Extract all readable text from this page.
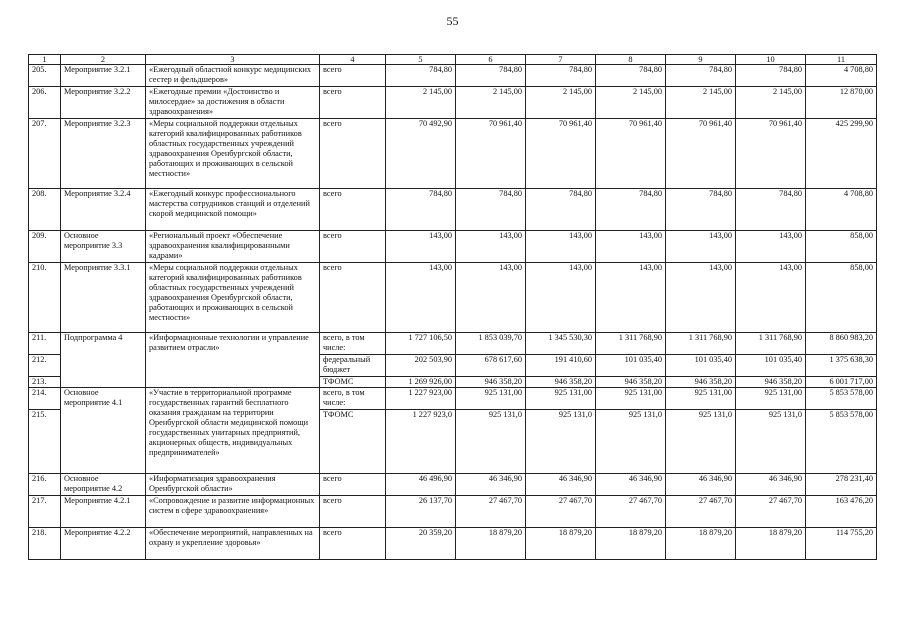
55
1	2	3	4	5	6	7	8	9	10	11
205.	Мероприятие 3.2.1	«Ежегодный областной конкурс медицинских сестер и фельдшеров»	всего	784,80	784,80	784,80	784,80	784,80	784,80	4 708,80
206.	Мероприятие 3.2.2	«Ежегодные премии «Достоинство и милосердие» за достижения в области здравоохранения»	всего	2 145,00	2 145,00	2 145,00	2 145,00	2 145,00	2 145,00	12 870,00
207.	Мероприятие 3.2.3	«Меры социальной поддержки отдельных категорий квалифицированных работников областных государственных учреждений здравоохранения Оренбургской области, работающих и проживающих в сельской местности»	всего	70 492,90	70 961,40	70 961,40	70 961,40	70 961,40	70 961,40	425 299,90
208.	Мероприятие 3.2.4	«Ежегодный конкурс профессионального мастерства сотрудников станций и отделений скорой медицинской помощи»	всего	784,80	784,80	784,80	784,80	784,80	784,80	4 708,80
209.	Основное мероприятие 3.3	«Региональный проект «Обеспечение здравоохранения квалифицированными кадрами»	всего	143,00	143,00	143,00	143,00	143,00	143,00	858,00
210.	Мероприятие 3.3.1	«Меры социальной поддержки отдельных категорий квалифицированных работников областных государственных учреждений здравоохранения Оренбургской области, работающих и проживающих в сельской местности»	всего	143,00	143,00	143,00	143,00	143,00	143,00	858,00
211.	Подпрограмма 4	«Информационные технологии и управление развитием отрасли»	всего, в том числе:	1 727 106,50	1 853 039,70	1 345 530,30	1 311 768,90	1 311 768,90	1 311 768,90	8 860 983,20
212.			федеральный бюджет	202 503,90	678 617,60	191 410,60	101 035,40	101 035,40	101 035,40	1 375 638,30
213.			ТФОМС	1 269 926,00	946 358,20	946 358,20	946 358,20	946 358,20	946 358,20	6 001 717,00
214.	Основное мероприятие 4.1	«Участие в территориальной программе государственных гарантий бесплатного оказания гражданам на территории Оренбургской области медицинской помощи государственных унитарных предприятий, акционерных обществ, индивидуальных предпринимателей»	всего, в том числе:	1 227 923,00	925 131,00	925 131,00	925 131,00	925 131,00	925 131,00	5 853 578,00
215.			ТФОМС	1 227 923,0	925 131,0	925 131,0	925 131,0	925 131,0	925 131,0	5 853 578,00
216.	Основное мероприятие 4.2	«Информатизация здравоохранения Оренбургской области»	всего	46 496,90	46 346,90	46 346,90	46 346,90	46 346,90	46 346,90	278 231,40
217.	Мероприятие 4.2.1	«Сопровождение и развитие информационных систем в сфере здравоохранения»	всего	26 137,70	27 467,70	27 467,70	27 467,70	27 467,70	27 467,70	163 476,20
218.	Мероприятие 4.2.2	«Обеспечение мероприятий, направленных на охрану и укрепление здоровья»	всего	20 359,20	18 879,20	18 879,20	18 879,20	18 879,20	18 879,20	114 755,20
